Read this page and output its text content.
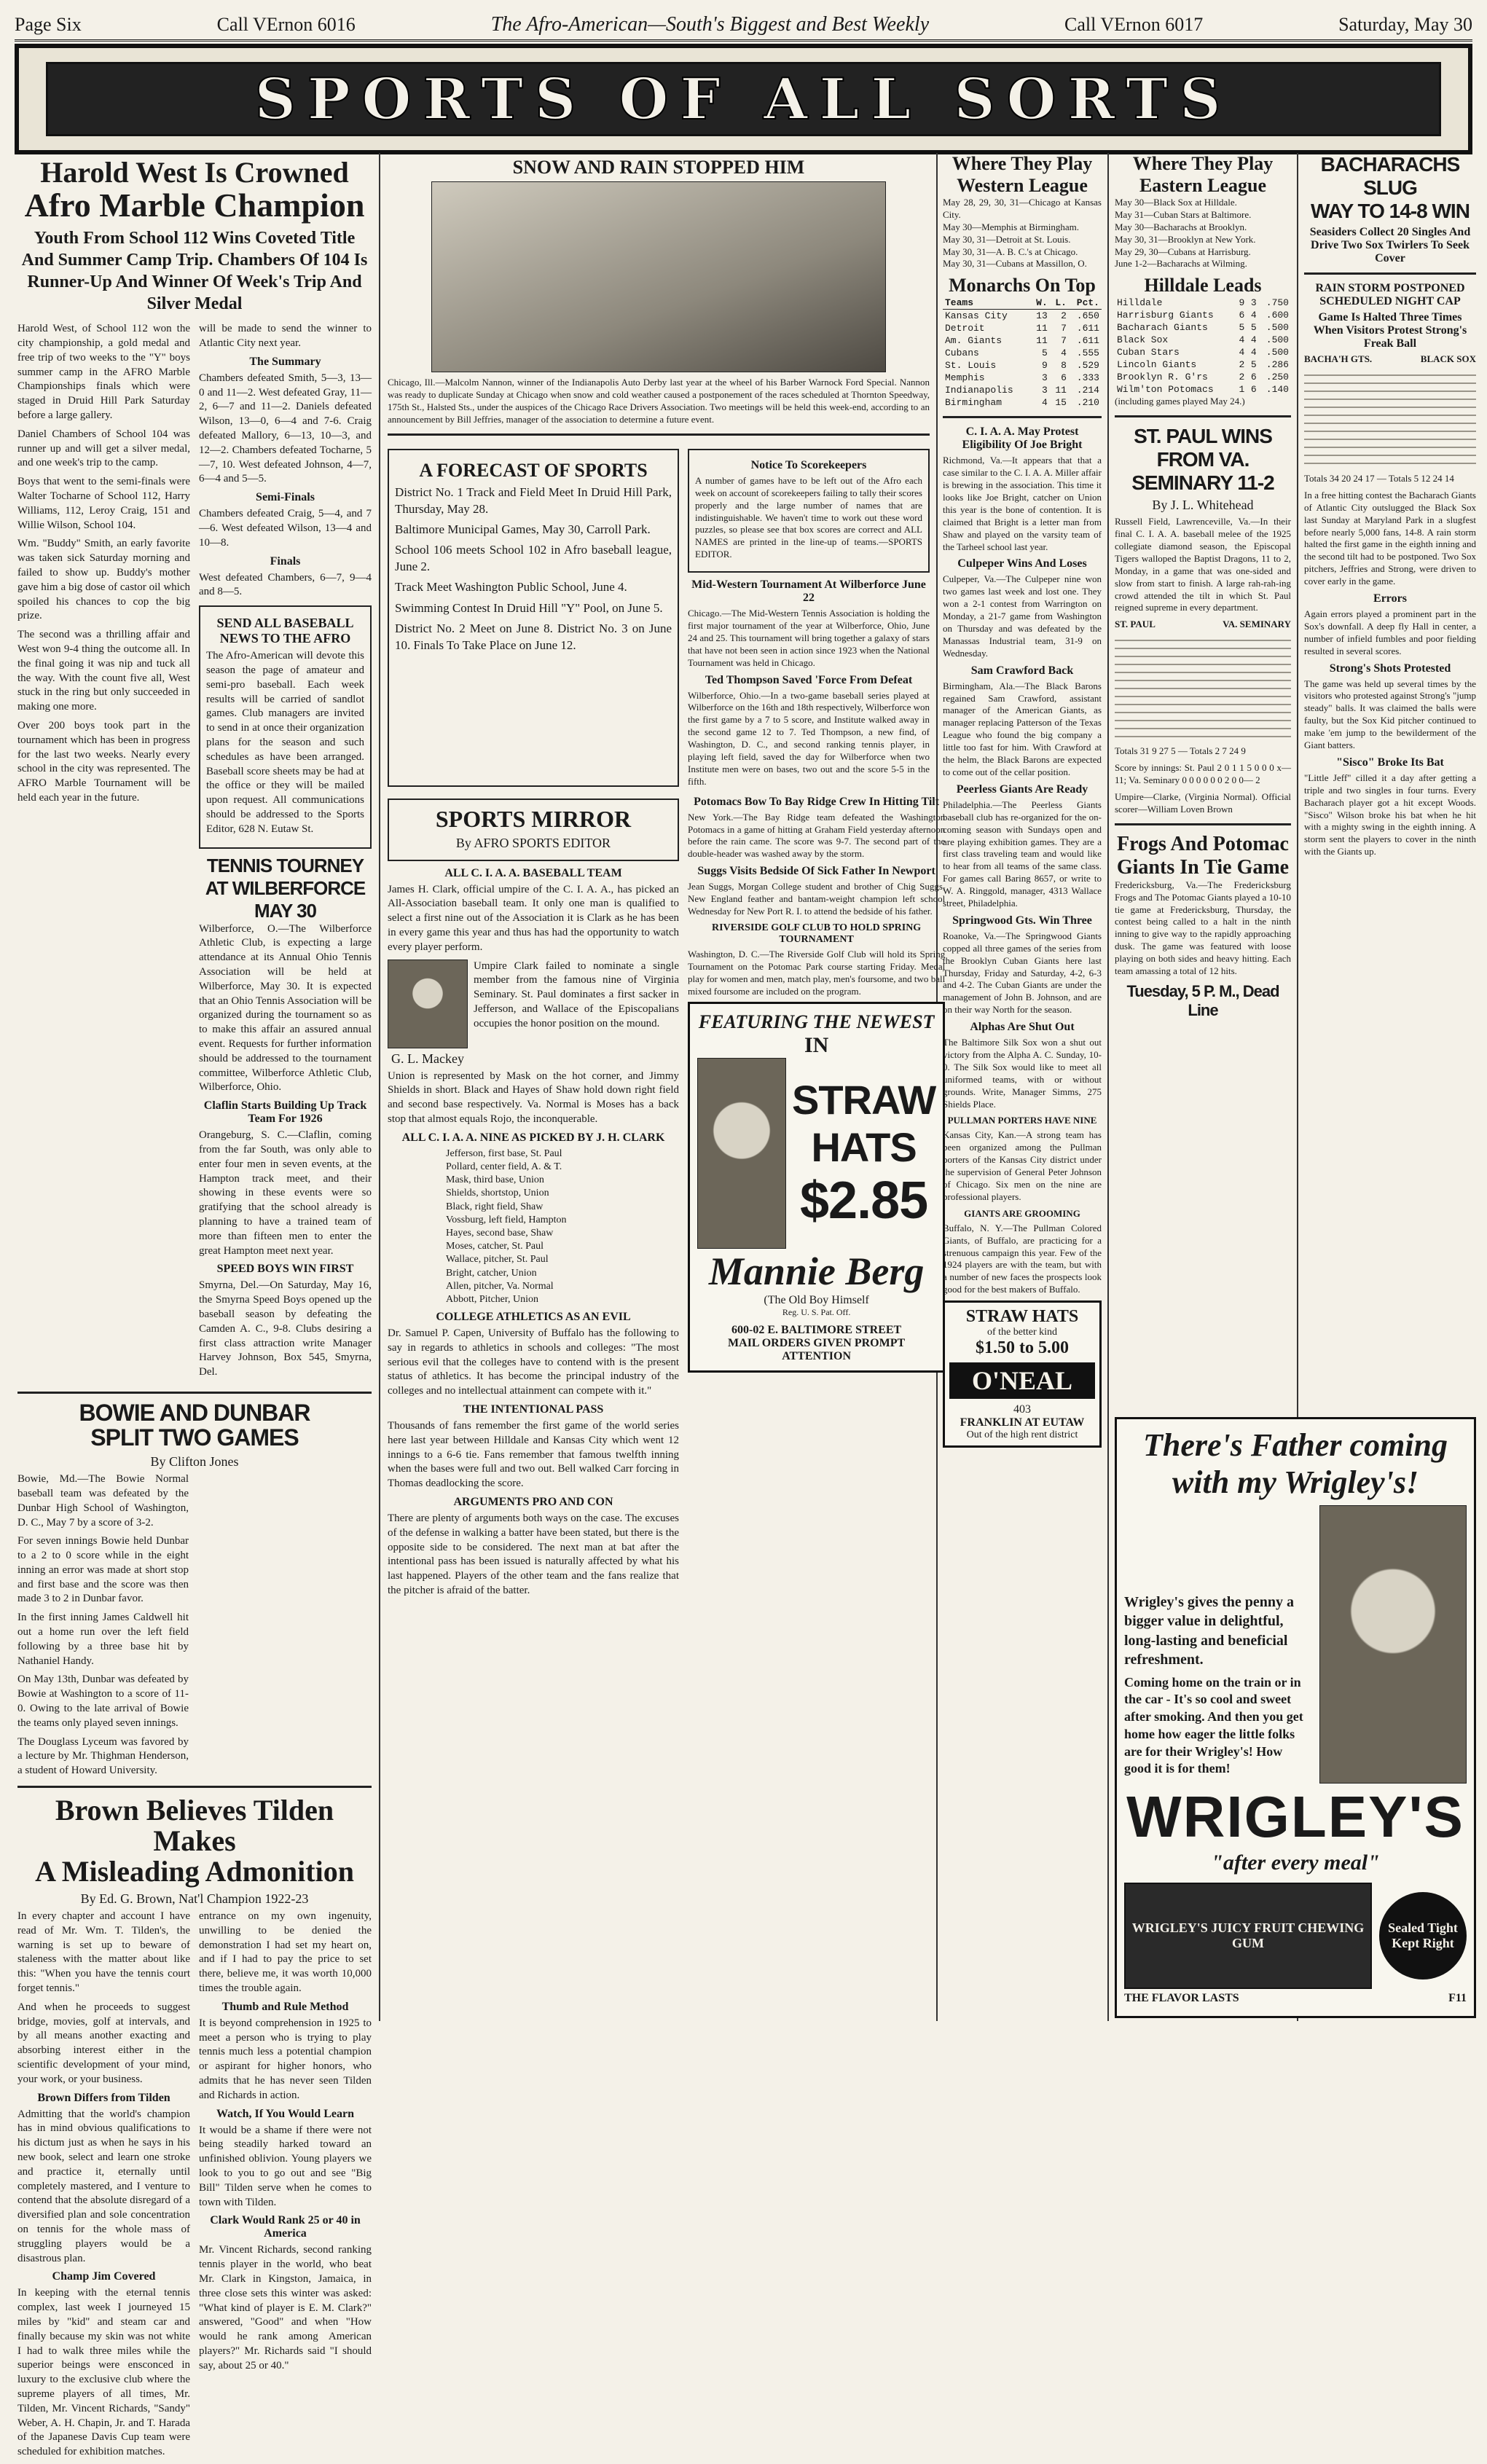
Page Six	Call VErnon 6016	The Afro-American—South's Biggest and Best Weekly	Call VErnon 6017	Saturday, May 30
SPORTS OF ALL SORTS
Harold West Is Crowned
Afro Marble Champion
Youth From School 112 Wins Coveted Title And Summer Camp Trip. Chambers Of 104 Is Runner-Up And Winner Of Week's Trip And Silver Medal

Harold West, of School 112 won the city championship, a gold medal and free trip of two weeks to the "Y" boys summer camp in the AFRO Marble Championships finals which were staged in Druid Hill Park Saturday before a large gallery.

Daniel Chambers of School 104 was runner up and will get a silver medal, and one week's trip to the camp.

Boys that went to the semi-finals were Walter Tocharne of School 112, Harry Williams, 112, Leroy Craig, 151 and Willie Wilson, School 104.

Wm. "Buddy" Smith, an early favorite was taken sick Saturday morning and failed to show up. Buddy's mother gave him a big dose of castor oil which spoiled his chances to cop the big prize.

The second was a thrilling affair and West won 9-4 thing the outcome all. In the final going it was nip and tuck all the way. With the count five all, West stuck in the ring but only succeeded in making one more.

Over 200 boys took part in the tournament which has been in progress for the last two weeks. Nearly every school in the city was represented. The AFRO Marble Tournament will be held each year in the future.

will be made to send the winner to Atlantic City next year.

The Summary

Chambers defeated Smith, 5—3, 13—0 and 11—2. West defeated Gray, 11—2, 6—7 and 11—2. Daniels defeated Wilson, 13—0, 6—4 and 7-6. Craig defeated Mallory, 6—13, 10—3, and 12—2. Chambers defeated Tocharne, 5—7, 10. West defeated Johnson, 4—7, 6—4 and 5—5.

Semi-Finals

Chambers defeated Craig, 5—4, and 7—6. West defeated Wilson, 13—4 and 10—8.

Finals

West defeated Chambers, 6—7, 9—4 and 8—5.

SEND ALL BASEBALL NEWS TO THE AFRO

The Afro-American will devote this season the page of amateur and semi-pro baseball. Each week results will be carried of sandlot games. Club managers are invited to send in at once their organization plans for the season and such schedules as have been arranged. Baseball score sheets may be had at the office or they will be mailed upon request. All communications should be addressed to the Sports Editor, 628 N. Eutaw St.

TENNIS TOURNEY AT WILBERFORCE MAY 30

Wilberforce, O.—The Wilberforce Athletic Club, is expecting a large attendance at its Annual Ohio Tennis Association will be held at Wilberforce, May 30. It is expected that an Ohio Tennis Association will be organized during the tournament so as to make this affair an assured annual event. Requests for further information should be addressed to the tournament committee, Wilberforce Athletic Club, Wilberforce, Ohio.

Claflin Starts Building Up Track Team For 1926

Orangeburg, S. C.—Claflin, coming from the far South, was only able to enter four men in seven events, at the Hampton track meet, and their showing in these events were so gratifying that the school already is planning to have a trained team of more than fifteen men to enter the great Hampton meet next year.

SPEED BOYS WIN FIRST

Smyrna, Del.—On Saturday, May 16, the Smyrna Speed Boys opened up the baseball season by defeating the Camden A. C., 9-8. Clubs desiring a first class attraction write Manager Harvey Johnson, Box 545, Smyrna, Del.

BOWIE AND DUNBAR
SPLIT TWO GAMES
By Clifton Jones

Bowie, Md.—The Bowie Normal baseball team was defeated by the Dunbar High School of Washington, D. C., May 7 by a score of 3-2.

For seven innings Bowie held Dunbar to a 2 to 0 score while in the eight inning an error was made at short stop and first base and the score was then made 3 to 2 in Dunbar favor.

In the first inning James Caldwell hit out a home run over the left field following by a three base hit by Nathaniel Handy.

On May 13th, Dunbar was defeated by Bowie at Washington to a score of 11-0. Owing to the late arrival of Bowie the teams only played seven innings.

The Douglass Lyceum was favored by a lecture by Mr. Thighman Henderson, a student of Howard University.

Brown Believes Tilden Makes
A Misleading Admonition
By Ed. G. Brown, Nat'l Champion 1922-23

In every chapter and account I have read of Mr. Wm. T. Tilden's, the warning is set up to beware of staleness with the matter about like this: "When you have the tennis court forget tennis."

And when he proceeds to suggest bridge, movies, golf at intervals, and by all means another exacting and absorbing interest either in the scientific development of your mind, your work, or your business.

Brown Differs from Tilden

Admitting that the world's champion has in mind obvious qualifications to his dictum just as when he says in his new book, select and learn one stroke and practice it, eternally until completely mastered, and I venture to contend that the absolute disregard of a diversified plan and sole concentration on tennis for the whole mass of struggling players would be a disastrous plan.

Champ Jim Covered

In keeping with the eternal tennis complex, last week I journeyed 15 miles by "kid" and steam car and finally because my skin was not white I had to walk three miles while the superior beings were ensconced in luxury to the exclusive club where the supreme players of all times, Mr. Tilden, Mr. Vincent Richards, "Sandy" Weber, A. H. Chapin, Jr. and T. Harada of the Japanese Davis Cup team were scheduled for exhibition matches.

entrance on my own ingenuity, unwilling to be denied the demonstration I had set my heart on, and if I had to pay the price to set there, believe me, it was worth 10,000 times the trouble again.

Thumb and Rule Method

It is beyond comprehension in 1925 to meet a person who is trying to play tennis much less a potential champion or aspirant for higher honors, who admits that he has never seen Tilden and Richards in action.

Watch, If You Would Learn

It would be a shame if there were not being steadily harked toward an unfinished oblivion. Young players we look to you to go out and see "Big Bill" Tilden serve when he comes to town with Tilden.

Clark Would Rank 25 or 40 in America

Mr. Vincent Richards, second ranking tennis player in the world, who beat Mr. Clark in Kingston, Jamaica, in three close sets this winter was asked: "What kind of player is E. M. Clark?" answered, "Good" and when "How would he rank among American players?" Mr. Richards said "I should say, about 25 or 40."

SNOW AND RAIN STOPPED HIM

Chicago, Ill.—Malcolm Nannon, winner of the Indianapolis Auto Derby last year at the wheel of his Barber Warnock Ford Special. Nannon was ready to duplicate Sunday at Chicago when snow and cold weather caused a postponement of the races scheduled at Thornton Speedway, 175th St., Halsted Sts., under the auspices of the Chicago Race Drivers Association. Two meetings will be held this week-end, according to an announcement by Bill Jeffries, manager of the association to determine a future event.

A FORECAST OF SPORTS

District No. 1 Track and Field Meet In Druid Hill Park, Thursday, May 28.

Baltimore Municipal Games, May 30, Carroll Park.

School 106 meets School 102 in Afro baseball league, June 2.

Track Meet Washington Public School, June 4.

Swimming Contest In Druid Hill "Y" Pool, on June 5.

District No. 2 Meet on June 8. District No. 3 on June 10. Finals To Take Place on June 12.

Notice To Scorekeepers

A number of games have to be left out of the Afro each week on account of scorekeepers failing to tally their scores properly and the large number of names that are indistinguishable. We haven't time to work out these word puzzles, so please see that box scores are correct and ALL NAMES are printed in the line-up of teams.—SPORTS EDITOR.

Mid-Western Tournament At Wilberforce June 22

Chicago.—The Mid-Western Tennis Association is holding the first major tournament of the year at Wilberforce, Ohio, June 24 and 25. This tournament will bring together a galaxy of stars that have not been seen in action since 1923 when the National Tournament was held in Chicago.

Ted Thompson Saved 'Force From Defeat

Wilberforce, Ohio.—In a two-game baseball series played at Wilberforce on the 16th and 18th respectively, Wilberforce won the first game by a 7 to 5 score, and Institute walked away in the second game 12 to 7. Ted Thompson, a new find, of Washington, D. C., and second ranking tennis player, in playing left field, saved the day for Wilberforce when two Institute men were on bases, two out and the score 5-5 in the fifth.

SPORTS MIRROR
By AFRO SPORTS EDITOR
ALL C. I. A. A. BASEBALL TEAM

James H. Clark, official umpire of the C. I. A. A., has picked an All-Association baseball team. It only one man is qualified to select a first nine out of the Association it is Clark as he has been in every game this year and thus has had the opportunity to watch every player perform.

G. L. Mackey

Umpire Clark failed to nominate a single member from the famous nine of Virginia Seminary. St. Paul dominates a first sacker in Jefferson, and Wallace of the Episcopalians occupies the honor position on the mound.

Union is represented by Mask on the hot corner, and Jimmy Shields in short. Black and Hayes of Shaw hold down right field and second base respectively. Va. Normal is Moses has a back stop that almost equals Rojo, the inconquerable.

ALL C. I. A. A. NINE AS PICKED BY J. H. CLARK
Jefferson, first base, St. Paul
Pollard, center field, A. & T.
Mask, third base, Union
Shields, shortstop, Union
Black, right field, Shaw
Vossburg, left field, Hampton
Hayes, second base, Shaw
Moses, catcher, St. Paul
Wallace, pitcher, St. Paul
Bright, catcher, Union
Allen, pitcher, Va. Normal
Abbott, Pitcher, Union
COLLEGE ATHLETICS AS AN EVIL

Dr. Samuel P. Capen, University of Buffalo has the following to say in regards to athletics in schools and colleges: "The most serious evil that the colleges have to contend with is the present status of athletics. It has become the principal industry of the colleges and no intellectual attainment can compete with it."

THE INTENTIONAL PASS

Thousands of fans remember the first game of the world series here last year between Hilldale and Kansas City which went 12 innings to a 6-6 tie. Fans remember that famous twelfth inning when the bases were full and two out. Bell walked Carr forcing in Thomas deadlocking the score.

ARGUMENTS PRO AND CON

There are plenty of arguments both ways on the case. The excuses of the defense in walking a batter have been stated, but there is the opposite side to be considered. The next man at bat after the intentional pass has been issued is naturally affected by what his last happened. Players of the other team and the fans realize that the pitcher is afraid of the batter.

Potomacs Bow To Bay Ridge Crew In Hitting Tilt

New York.—The Bay Ridge team defeated the Washington Potomacs in a game of hitting at Graham Field yesterday afternoon before the rain came. The score was 9-7. The second part of the double-header was washed away by the storm.

Suggs Visits Bedside Of Sick Father In Newport

Jean Suggs, Morgan College student and brother of Chig Suggs, New England feather and bantam-weight champion left school Wednesday for New Port R. I. to attend the bedside of his father.

RIVERSIDE GOLF CLUB TO HOLD SPRING TOURNAMENT

Washington, D. C.—The Riverside Golf Club will hold its Spring Tournament on the Potomac Park course starting Friday. Medal play for women and men, match play, men's foursome, and two ball mixed foursome are included on the program.

FEATURING THE NEWEST
IN
STRAW
HATS
$2.85
Mannie Berg
(The Old Boy Himself
Reg. U. S. Pat. Off.
600-02 E. BALTIMORE STREET
MAIL ORDERS GIVEN PROMPT ATTENTION
Where They Play Western League

May 28, 29, 30, 31—Chicago at Kansas City.

May 30—Memphis at Birmingham.

May 30, 31—Detroit at St. Louis.

May 30, 31—A. B. C.'s at Chicago.

May 30, 31—Cubans at Massillon, O.

Monarchs On Top
Teams	W.	L.	Pct.
Kansas City	13	2	.650
Detroit	11	7	.611
Am. Giants	11	7	.611
Cubans	5	4	.555
St. Louis	9	8	.529
Memphis	3	6	.333
Indianapolis	3	11	.214
Birmingham	4	15	.210
C. I. A. A. May Protest Eligibility Of Joe Bright

Richmond, Va.—It appears that that a case similar to the C. I. A. A. Miller affair is brewing in the association. This time it looks like Joe Bright, catcher on Union this year is the bone of contention. It is claimed that Bright is a letter man from Shaw and played on the varsity team of the Tarheel school last year.

Culpeper Wins And Loses

Culpeper, Va.—The Culpeper nine won two games last week and lost one. They won a 2-1 contest from Warrington on Monday, a 21-7 game from Washington on Thursday and was defeated by the Manassas Industrial team, 31-9 on Wednesday.

Sam Crawford Back

Birmingham, Ala.—The Black Barons regained Sam Crawford, assistant manager of the American Giants, as manager replacing Patterson of the Texas League who found the big company a little too fast for him. With Crawford at the helm, the Black Barons are expected to come out of the cellar position.

Peerless Giants Are Ready

Philadelphia.—The Peerless Giants baseball club has re-organized for the on-coming season with Sundays open and are playing exhibition games. They are a first class traveling team and would like to hear from all teams of the same class. For games call Baring 8657, or write to W. A. Ringgold, manager, 4313 Wallace street, Philadelphia.

Springwood Gts. Win Three

Roanoke, Va.—The Springwood Giants copped all three games of the series from the Brooklyn Cuban Giants here last Thursday, Friday and Saturday, 4-2, 6-3 and 4-2. The Cuban Giants are under the management of John B. Johnson, and are on their way North for the season.

Alphas Are Shut Out

The Baltimore Silk Sox won a shut out victory from the Alpha A. C. Sunday, 10-0. The Silk Sox would like to meet all uniformed teams, with or without grounds. Write, Manager Simms, 275 Shields Place.

PULLMAN PORTERS HAVE NINE

Kansas City, Kan.—A strong team has been organized among the Pullman porters of the Kansas City district under the supervision of General Peter Johnson of Chicago. Six men on the nine are professional players.

GIANTS ARE GROOMING

Buffalo, N. Y.—The Pullman Colored Giants, of Buffalo, are practicing for a strenuous campaign this year. Few of the 1924 players are with the team, but with a number of new faces the prospects look good for the best makers of Buffalo.

STRAW HATS
of the better kind
$1.50 to 5.00
O'NEAL
403
FRANKLIN AT EUTAW
Out of the high rent district
Where They Play Eastern League

May 30—Black Sox at Hilldale.

May 31—Cuban Stars at Baltimore.

May 30—Bacharachs at Brooklyn.

May 30, 31—Brooklyn at New York.

May 29, 30—Cubans at Harrisburg.

June 1-2—Bacharachs at Wilming.

Hilldale Leads
Hilldale	9	3	.750
Harrisburg Giants	6	4	.600
Bacharach Giants	5	5	.500
Black Sox	4	4	.500
Cuban Stars	4	4	.500
Lincoln Giants	2	5	.286
Brooklyn R. G'rs	2	6	.250
Wilm'ton Potomacs	1	6	.140

(including games played May 24.)

ST. PAUL WINS FROM VA. SEMINARY 11-2
By J. L. Whitehead

Russell Field, Lawrenceville, Va.—In their final C. I. A. A. baseball melee of the 1925 collegiate diamond season, the Episcopal Tigers walloped the Baptist Dragons, 11 to 2, Monday, in a game that was one-sided and slow from start to finish. A large rah-rah-ing crowd attended the tilt in which St. Paul reigned supreme in every department.

ST. PAUL	VA. SEMINARY

Totals 31 9 27 5 — Totals 2 7 24 9

Score by innings: St. Paul 2 0 1 1 5 0 0 0 x—11; Va. Seminary 0 0 0 0 0 0 2 0 0— 2

Umpire—Clarke, (Virginia Normal). Official scorer—William Loven Brown

Frogs And Potomac Giants In Tie Game

Fredericksburg, Va.—The Fredericksburg Frogs and The Potomac Giants played a 10-10 tie game at Fredericksburg, Thursday, the contest being called to a halt in the ninth inning to give way to the rapidly approaching dusk. The game was featured with loose playing on both sides and heavy hitting. Each team amassing a total of 12 hits.

Tuesday, 5 P. M., Dead Line
BACHARACHS SLUG
WAY TO 14-8 WIN
Seasiders Collect 20 Singles And Drive Two Sox Twirlers To Seek Cover
RAIN STORM POSTPONED SCHEDULED NIGHT CAP
Game Is Halted Three Times When Visitors Protest Strong's Freak Ball
BACHA'H GTS.	BLACK SOX

Totals 34 20 24 17 — Totals 5 12 24 14

In a free hitting contest the Bacharach Giants of Atlantic City outslugged the Black Sox last Sunday at Maryland Park in a slugfest before nearly 5,000 fans, 14-8. A rain storm halted the first game in the eighth inning and the second tilt had to be postponed. Two Sox pitchers, Jeffries and Strong, were driven to cover early in the game.

Errors

Again errors played a prominent part in the Sox's downfall. A deep fly Hall in center, a number of infield fumbles and poor fielding resulted in several scores.

Strong's Shots Protested

The game was held up several times by the visitors who protested against Strong's "jump steady" balls. It was claimed the balls were faulty, but the Sox Kid pitcher continued to make 'em jump to the bewilderment of the Giant batters.

"Sisco" Broke Its Bat

"Little Jeff" cilled it a day after getting a triple and two singles in four turns. Every Bacharach player got a hit except Woods. "Sisco" Wilson broke his bat when he hit with a mighty swing in the eighth inning. A storm sent the players to cover in the ninth with the Giants up.

There's Father coming
with my Wrigley's!

Wrigley's gives the penny a bigger value in delightful, long-lasting and beneficial refreshment.

Coming home on the train or in the car - It's so cool and sweet after smoking. And then you get home how eager the little folks are for their Wrigley's! How good it is for them!

WRIGLEY'S
"after every meal"
WRIGLEY'S JUICY FRUIT CHEWING GUM
Sealed Tight Kept Right
THE FLAVOR LASTS	F11
